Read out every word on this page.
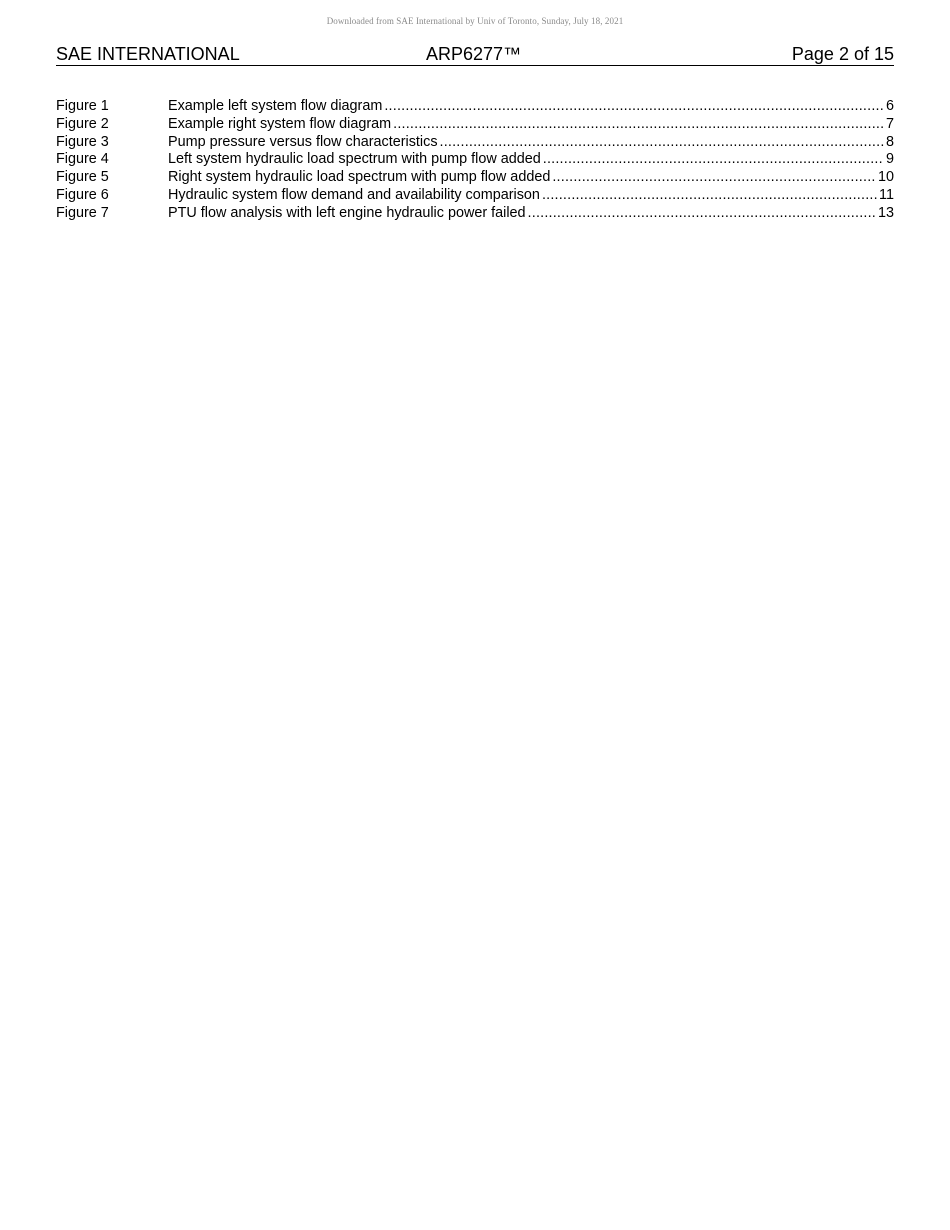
Downloaded from SAE International by Univ of Toronto, Sunday, July 18, 2021
SAE INTERNATIONAL	ARP6277™	Page 2 of 15
Figure 1	Example left system flow diagram .....	6
Figure 2	Example right system flow diagram .....	7
Figure 3	Pump pressure versus flow characteristics .....	8
Figure 4	Left system hydraulic load spectrum with pump flow added .....	9
Figure 5	Right system hydraulic load spectrum with pump flow added .....	10
Figure 6	Hydraulic system flow demand and availability comparison .....	11
Figure 7	PTU flow analysis with left engine hydraulic power failed .....	13
